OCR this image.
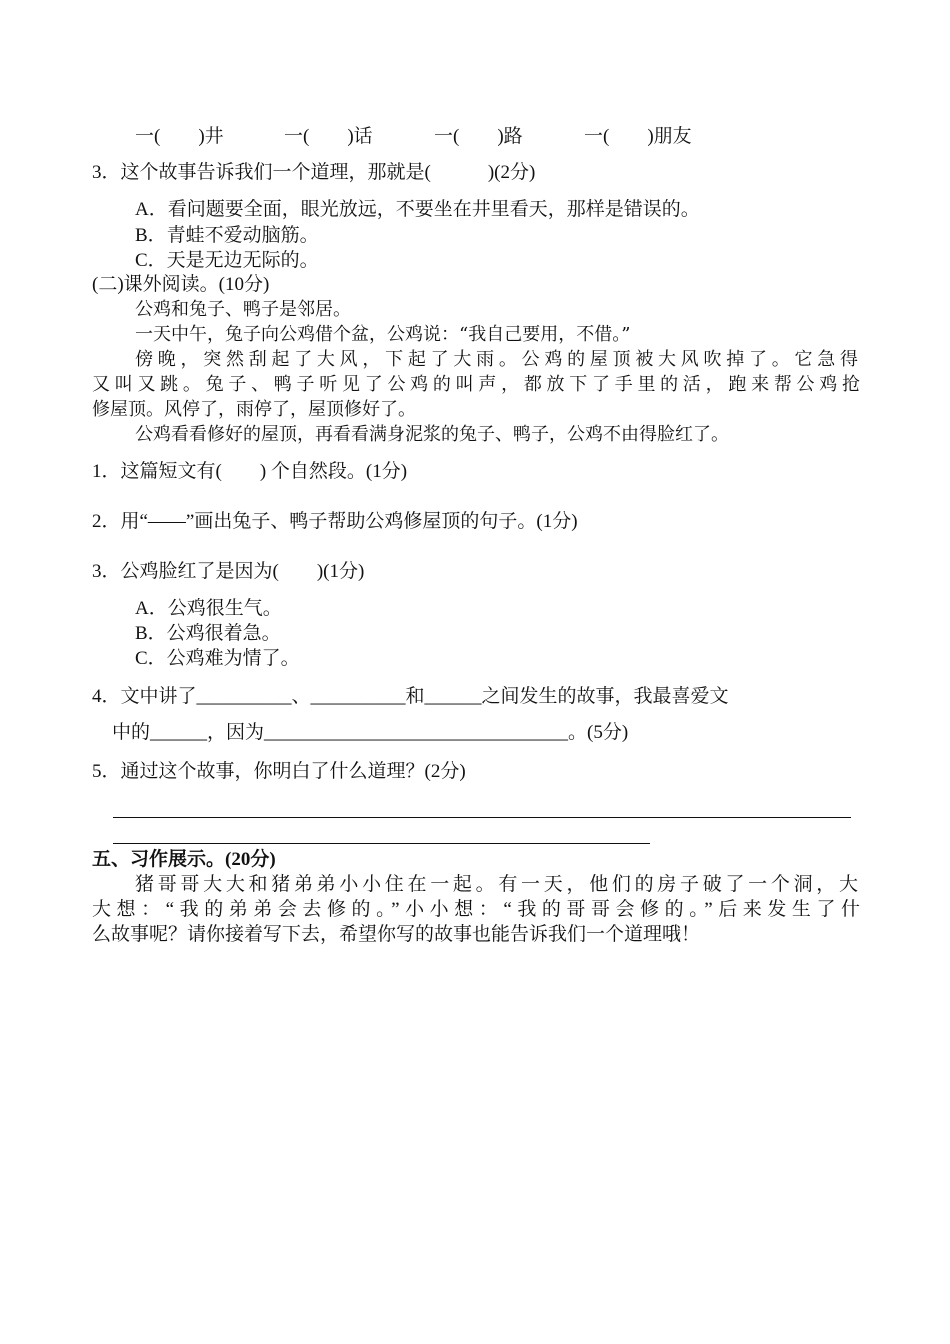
一(　　)井	一(　　)话	一(　　)路	一(　　)朋友
3．这个故事告诉我们一个道理，那就是(　　　)(2分)
A．看问题要全面，眼光放远，不要坐在井里看天，那样是错误的。
B．青蛙不爱动脑筋。
C．天是无边无际的。
(二)课外阅读。(10分)
公鸡和兔子、鸭子是邻居。
一天中午，兔子向公鸡借个盆，公鸡说：“我自己要用，不借。”
傍晚，突然刮起了大风，下起了大雨。公鸡的屋顶被大风吹掉了。它急得
又叫又跳。兔子、鸭子听见了公鸡的叫声，都放下了手里的活，跑来帮公鸡抢
修屋顶。风停了，雨停了，屋顶修好了。
公鸡看看修好的屋顶，再看看满身泥浆的兔子、鸭子，公鸡不由得脸红了。
1．这篇短文有(　　) 个自然段。(1分)
2．用“——”画出兔子、鸭子帮助公鸡修屋顶的句子。(1分)
3．公鸡脸红了是因为(　　)(1分)
A．公鸡很生气。
B．公鸡很着急。
C．公鸡难为情了。
4．文中讲了__________、__________和______之间发生的故事，我最喜爱文
中的______，因为________________________________。(5分)
5．通过这个故事，你明白了什么道理？(2分)
五、习作展示。(20分)
猪哥哥大大和猪弟弟小小住在一起。有一天，他们的房子破了一个洞，大
大想：“我的弟弟会去修的。”小小想：“我的哥哥会修的。”后来发生了什
么故事呢？请你接着写下去，希望你写的故事也能告诉我们一个道理哦！
